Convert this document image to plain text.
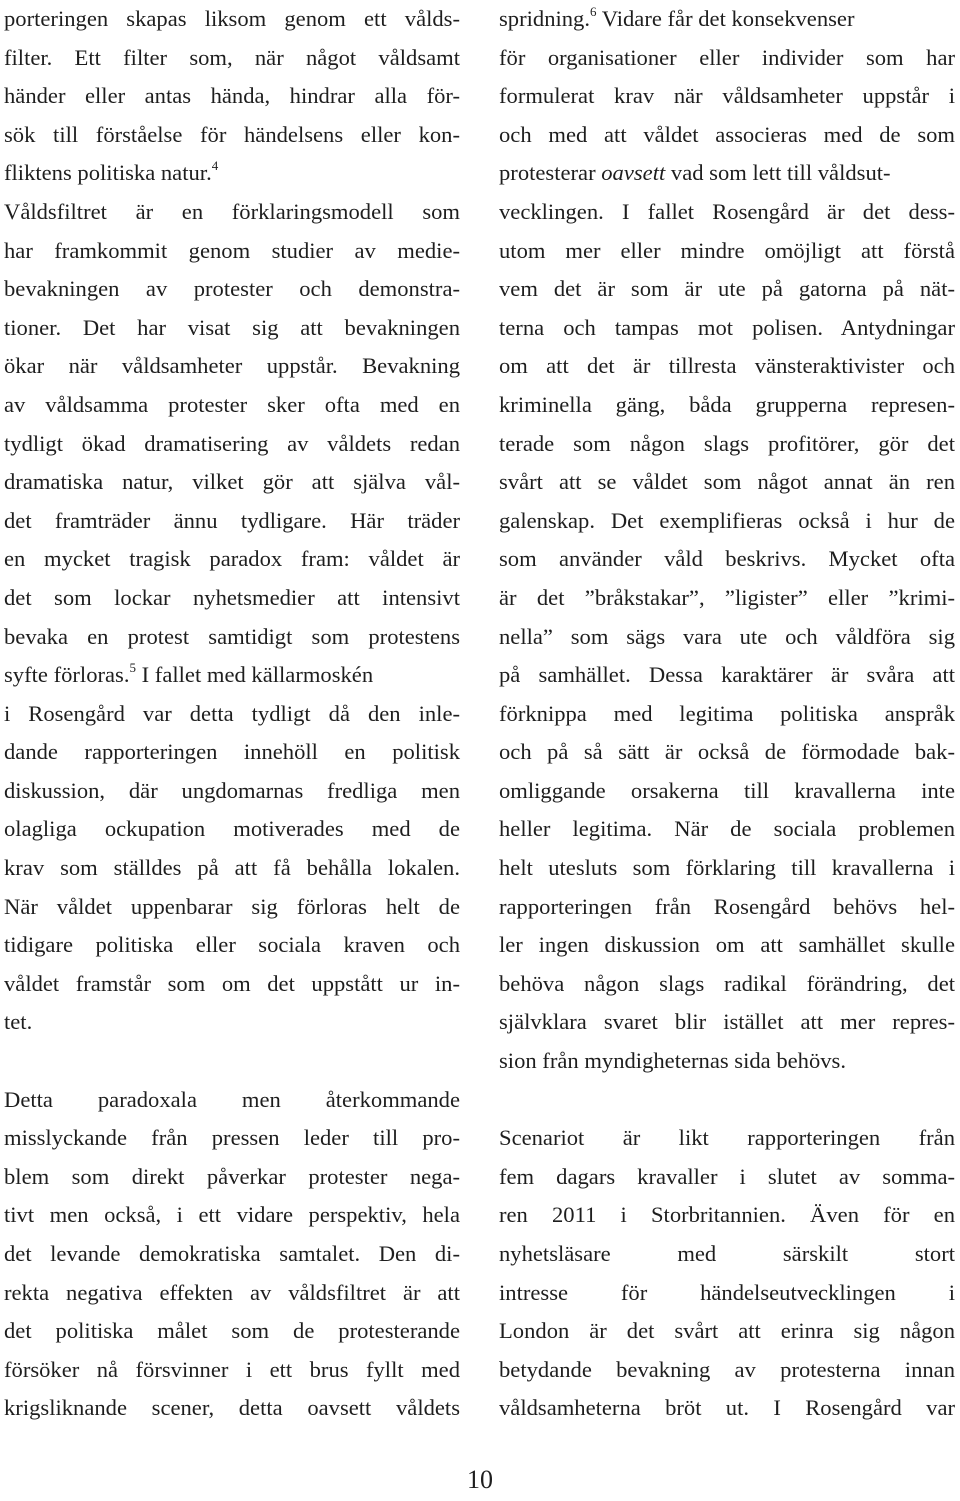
porteringen skapas liksom genom ett vålds-
filter. Ett filter som, när något våldsamt
händer eller antas hända, hindrar alla för-
sök till förståelse för händelsens eller kon-
fliktens politiska natur.$^4$
Våldsfiltret är en förklaringsmodell som
har framkommit genom studier av medie-
bevakningen av protester och demonstra-
tioner. Det har visat sig att bevakningen
ökar när våldsamheter uppstår. Bevakning
av våldsamma protester sker ofta med en
tydligt ökad dramatisering av våldets redan
dramatiska natur, vilket gör att själva vål-
det framträder ännu tydligare. Här träder
en mycket tragisk paradox fram: våldet är
det som lockar nyhetsmedier att intensivt
bevaka en protest samtidigt som protestens
syfte förloras.$^5$ I fallet med källarmoskén
i Rosengård var detta tydligt då den inle-
dande rapporteringen innehöll en politisk
diskussion, där ungdomarnas fredliga men
olagliga ockupation motiverades med de
krav som ställdes på att få behålla lokalen.
När våldet uppenbarar sig förloras helt de
tidigare politiska eller sociala kraven och
våldet framstår som om det uppstått ur in-
tet.
Detta paradoxala men återkommande
misslyckande från pressen leder till pro-
blem som direkt påverkar protester nega-
tivt men också, i ett vidare perspektiv, hela
det levande demokratiska samtalet. Den di-
rekta negativa effekten av våldsfiltret är att
det politiska målet som de protesterande
försöker nå försvinner i ett brus fyllt med
krigsliknande scener, detta oavsett våldets
spridning.$^6$ Vidare får det konsekvenser
för organisationer eller individer som har
formulerat krav när våldsamheter uppstår i
och med att våldet associeras med de som
protesterar oavsett vad som lett till våldsut-
vecklingen. I fallet Rosengård är det dess-
utom mer eller mindre omöjligt att förstå
vem det är som är ute på gatorna på nät-
terna och tampas mot polisen. Antydningar
om att det är tillresta vänsteraktivister och
kriminella gäng, båda grupperna represen-
terade som någon slags profitörer, gör det
svårt att se våldet som något annat än ren
galenskap. Det exemplifieras också i hur de
som använder våld beskrivs. Mycket ofta
är det ”bråkstakar”, ”ligister” eller ”krimi-
nella” som sägs vara ute och våldföra sig
på samhället. Dessa karaktärer är svåra att
förknippa med legitima politiska anspråk
och på så sätt är också de förmodade bak-
omliggande orsakerna till kravallerna inte
heller legitima. När de sociala problemen
helt utesluts som förklaring till kravallerna i
rapporteringen från Rosengård behövs hel-
ler ingen diskussion om att samhället skulle
behöva någon slags radikal förändring, det
självklara svaret blir istället att mer repres-
sion från myndigheternas sida behövs.
Scenariot är likt rapporteringen från
fem dagars kravaller i slutet av somma-
ren 2011 i Storbritannien. Även för en
nyhetsläsare med särskilt stort
intresse för händelseutvecklingen i
London är det svårt att erinra sig någon
betydande bevakning av protesterna innan
våldsamheterna bröt ut. I Rosengård var
10
